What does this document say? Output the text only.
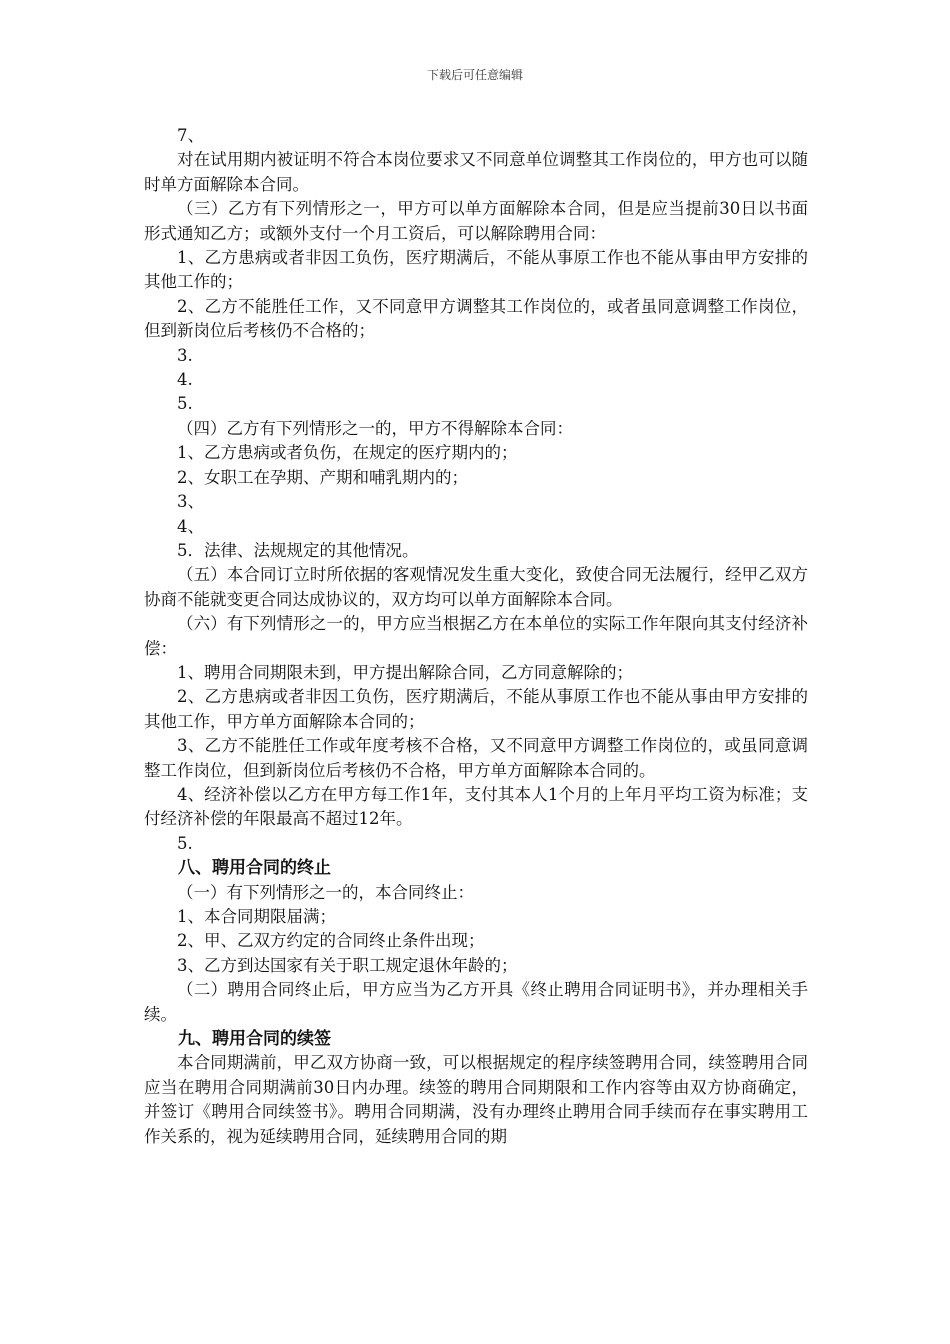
下载后可任意编辑

7、

对在试用期内被证明不符合本岗位要求又不同意单位调整其工作岗位的，甲方也可以随时单方面解除本合同。

（三）乙方有下列情形之一，甲方可以单方面解除本合同，但是应当提前30日以书面形式通知乙方；或额外支付一个月工资后，可以解除聘用合同：

1、乙方患病或者非因工负伤，医疗期满后，不能从事原工作也不能从事由甲方安排的其他工作的；

2、乙方不能胜任工作，又不同意甲方调整其工作岗位的，或者虽同意调整工作岗位，但到新岗位后考核仍不合格的；

3.

4.

5.

（四）乙方有下列情形之一的，甲方不得解除本合同：

1、乙方患病或者负伤，在规定的医疗期内的；

2、女职工在孕期、产期和哺乳期内的；

3、

4、

5．法律、法规规定的其他情况。

（五）本合同订立时所依据的客观情况发生重大变化，致使合同无法履行，经甲乙双方协商不能就变更合同达成协议的，双方均可以单方面解除本合同。

（六）有下列情形之一的，甲方应当根据乙方在本单位的实际工作年限向其支付经济补偿：

1、聘用合同期限未到，甲方提出解除合同，乙方同意解除的；

2、乙方患病或者非因工负伤，医疗期满后，不能从事原工作也不能从事由甲方安排的其他工作，甲方单方面解除本合同的；

3、乙方不能胜任工作或年度考核不合格，又不同意甲方调整工作岗位的，或虽同意调整工作岗位，但到新岗位后考核仍不合格，甲方单方面解除本合同的。

4、经济补偿以乙方在甲方每工作1年，支付其本人1个月的上年月平均工资为标准；支付经济补偿的年限最高不超过12年。

5.

八、聘用合同的终止

（一）有下列情形之一的，本合同终止：

1、本合同期限届满；

2、甲、乙双方约定的合同终止条件出现；

3、乙方到达国家有关于职工规定退休年龄的；

（二）聘用合同终止后，甲方应当为乙方开具《终止聘用合同证明书》，并办理相关手续。

九、聘用合同的续签

本合同期满前，甲乙双方协商一致，可以根据规定的程序续签聘用合同，续签聘用合同应当在聘用合同期满前30日内办理。续签的聘用合同期限和工作内容等由双方协商确定，并签订《聘用合同续签书》。聘用合同期满，没有办理终止聘用合同手续而存在事实聘用工作关系的，视为延续聘用合同，延续聘用合同的期
